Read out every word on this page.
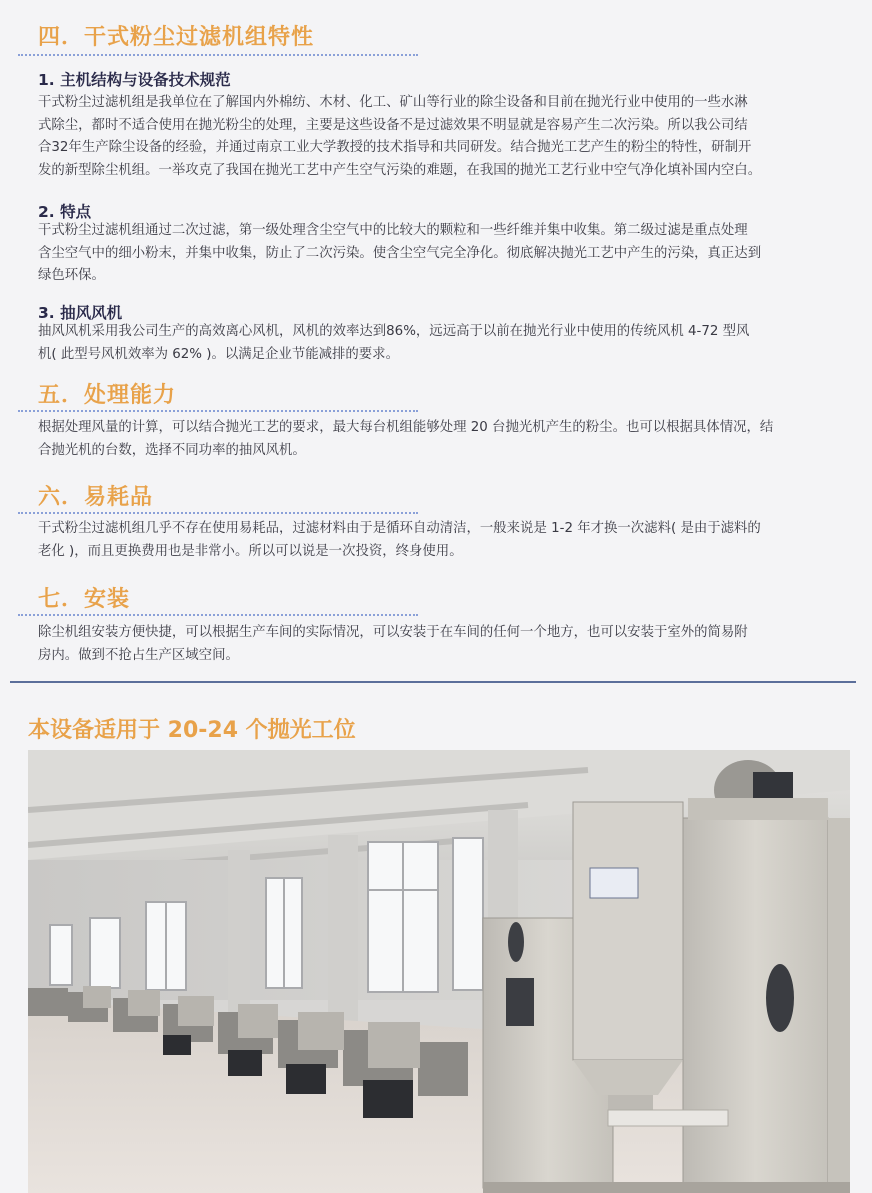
四．干式粉尘过滤机组特性
1. 主机结构与设备技术规范
干式粉尘过滤机组是我单位在了解国内外棉纺、木材、化工、矿山等行业的除尘设备和目前在抛光行业中使用的一些水淋
式除尘，都时不适合使用在抛光粉尘的处理，主要是这些设备不是过滤效果不明显就是容易产生二次污染。所以我公司结
合32年生产除尘设备的经验，并通过南京工业大学教授的技术指导和共同研发。结合抛光工艺产生的粉尘的特性，研制开
发的新型除尘机组。一举攻克了我国在抛光工艺中产生空气污染的难题，在我国的抛光工艺行业中空气净化填补国内空白。
2. 特点
干式粉尘过滤机组通过二次过滤，第一级处理含尘空气中的比较大的颗粒和一些纤维并集中收集。第二级过滤是重点处理
含尘空气中的细小粉末，并集中收集，防止了二次污染。使含尘空气完全净化。彻底解决抛光工艺中产生的污染，真正达到
绿色环保。
3. 抽风风机
抽风风机采用我公司生产的高效离心风机，风机的效率达到86%，远远高于以前在抛光行业中使用的传统风机 4-72 型风
机( 此型号风机效率为 62% )。以满足企业节能减排的要求。
五．处理能力
根据处理风量的计算，可以结合抛光工艺的要求，最大每台机组能够处理 20 台抛光机产生的粉尘。也可以根据具体情况，结
合抛光机的台数，选择不同功率的抽风风机。
六．易耗品
干式粉尘过滤机组几乎不存在使用易耗品，过滤材料由于是循环自动清洁，一般来说是 1-2 年才换一次滤料( 是由于滤料的
老化 )，而且更换费用也是非常小。所以可以说是一次投资，终身使用。
七．安装
除尘机组安装方便快捷，可以根据生产车间的实际情况，可以安装于在车间的任何一个地方，也可以安装于室外的简易附
房内。做到不抢占生产区域空间。
本设备适用于 20-24 个抛光工位
